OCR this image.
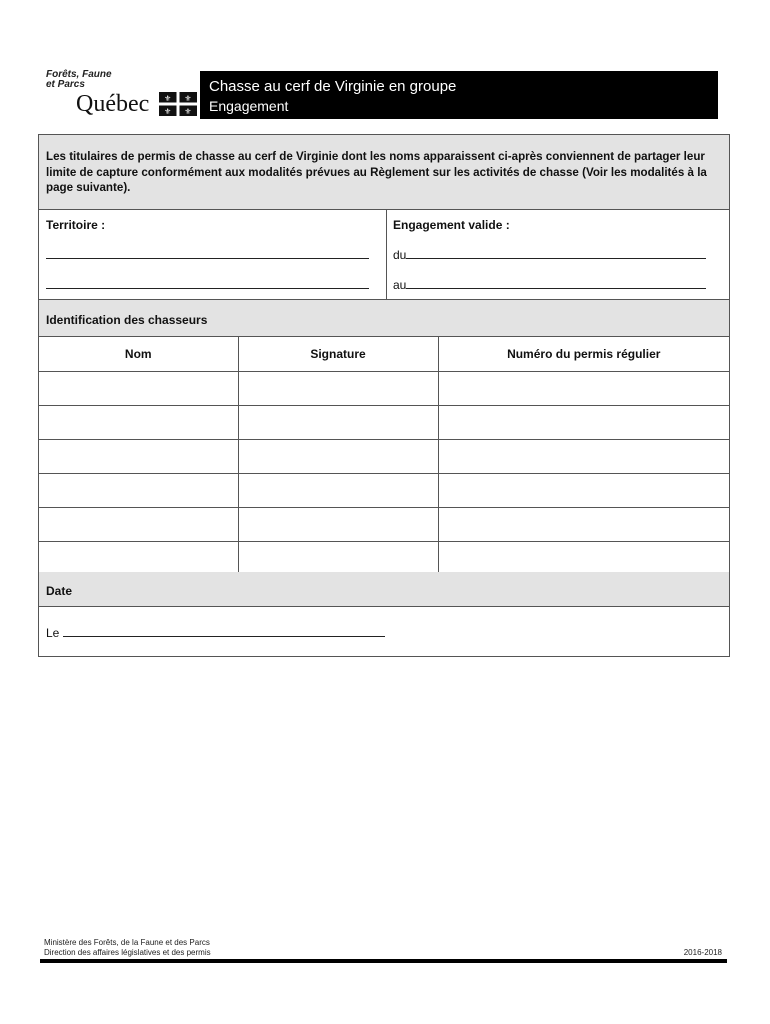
Forêts, Faune
et Parcs
Québec ⚜ ⚜
⚜ ⚜
Chasse au cerf de Virginie en groupe
Engagement
Les titulaires de permis de chasse au cerf de Virginie dont les noms apparaissent ci-après conviennent de partager leur limite de capture conformément aux modalités prévues au Règlement sur les activités de chasse (Voir les modalités à la page suivante).
Territoire :	Engagement valide :
du
au
Identification des chasseurs
Nom	Signature	Numéro du permis régulier

Date
Le
Ministère des Forêts, de la Faune et des Parcs
Direction des affaires législatives et des permis	2016-2018
